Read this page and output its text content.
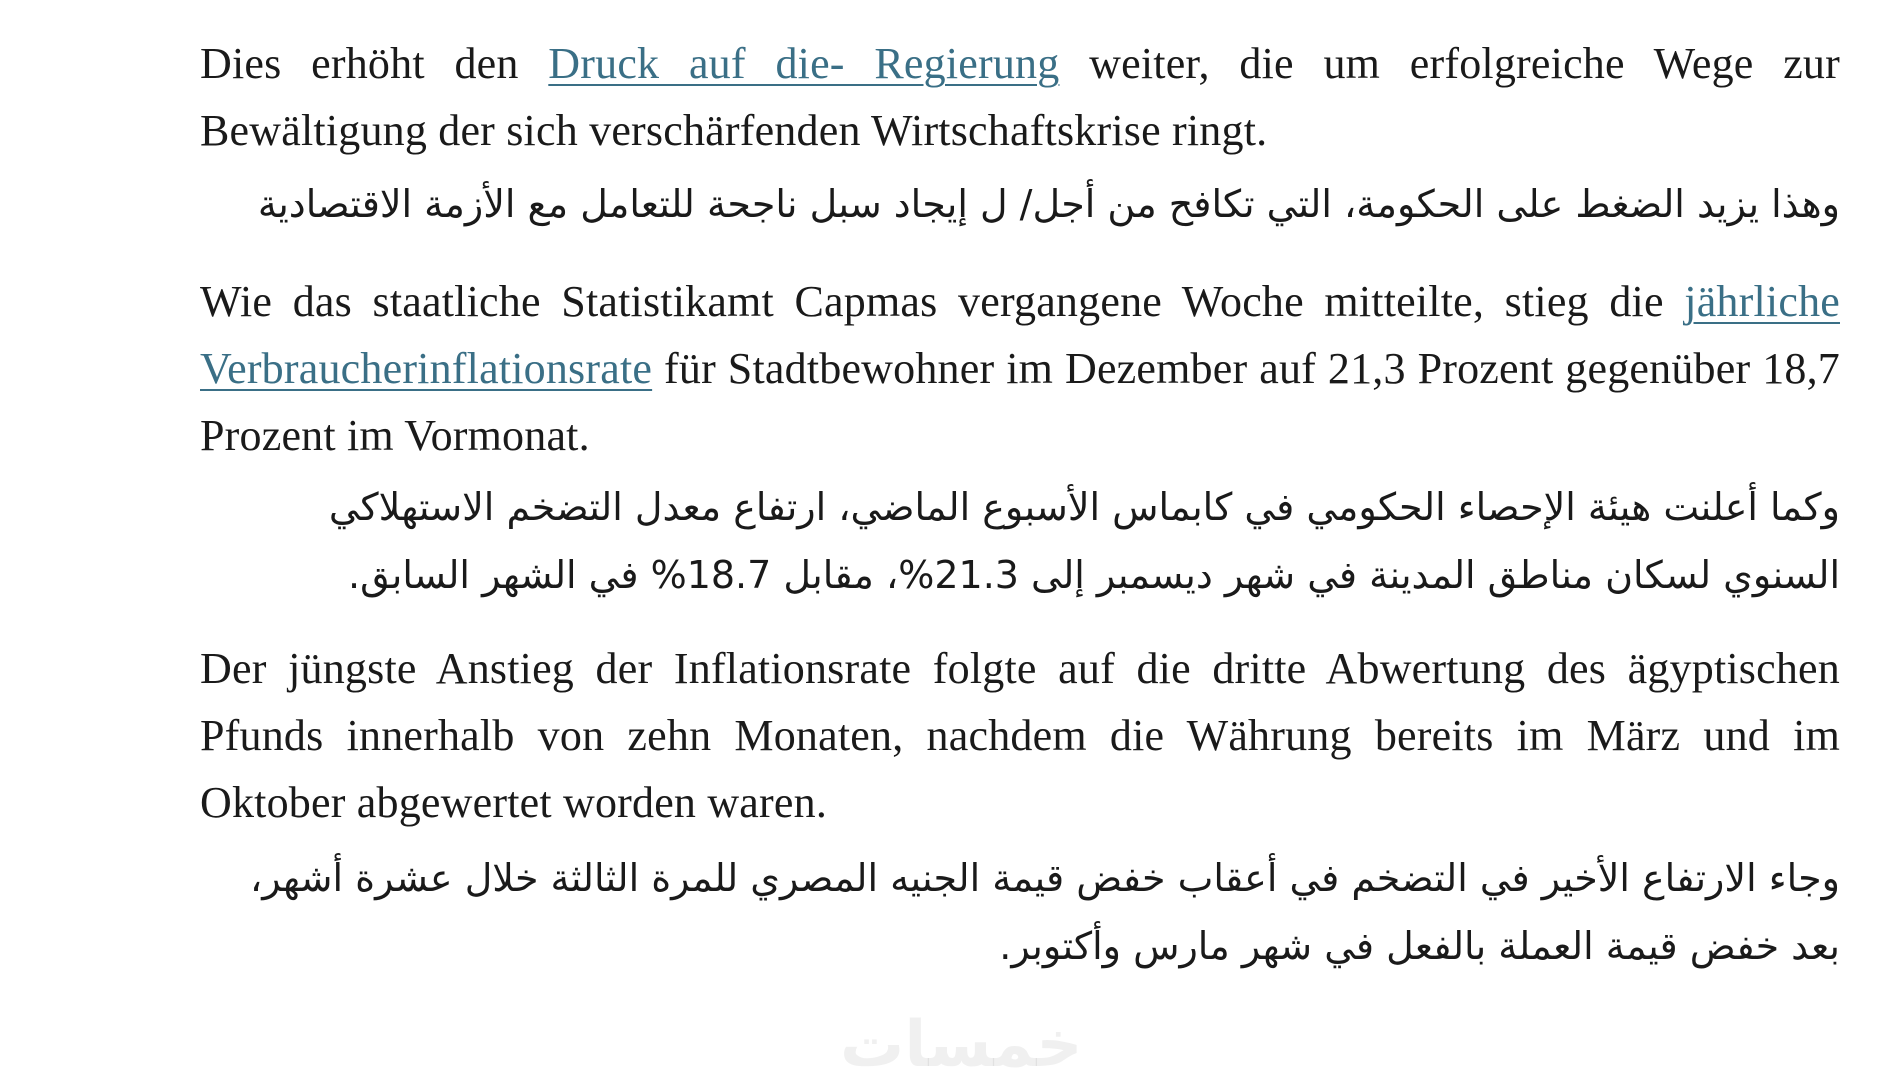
Dies erhöht den Druck auf die- Regierung weiter, die um erfolgreiche Wege zur Bewältigung der sich verschärfenden Wirtschaftskrise ringt.

وهذا يزيد الضغط على الحكومة، التي تكافح من أجل/ ل إيجاد سبل ناجحة للتعامل مع الأزمة الاقتصادية

Wie das staatliche Statistikamt Capmas vergangene Woche mitteilte, stieg die jährliche Verbraucherinflationsrate für Stadtbewohner im Dezember auf 21,3 Prozent gegenüber 18,7 Prozent im Vormonat.

وكما أعلنت هيئة الإحصاء الحكومي في كابماس الأسبوع الماضي، ارتفاع معدل التضخم الاستهلاكي السنوي لسكان مناطق المدينة في شهر ديسمبر إلى 21.3%، مقابل 18.7% في الشهر السابق.

Der jüngste Anstieg der Inflationsrate folgte auf die dritte Abwertung des ägyptischen Pfunds innerhalb von zehn Monaten, nachdem die Währung bereits im März und im Oktober abgewertet worden waren.

وجاء الارتفاع الأخير في التضخم في أعقاب خفض قيمة الجنيه المصري للمرة الثالثة خلال عشرة أشهر، بعد خفض قيمة العملة بالفعل في شهر مارس وأكتوبر.

خمسات
